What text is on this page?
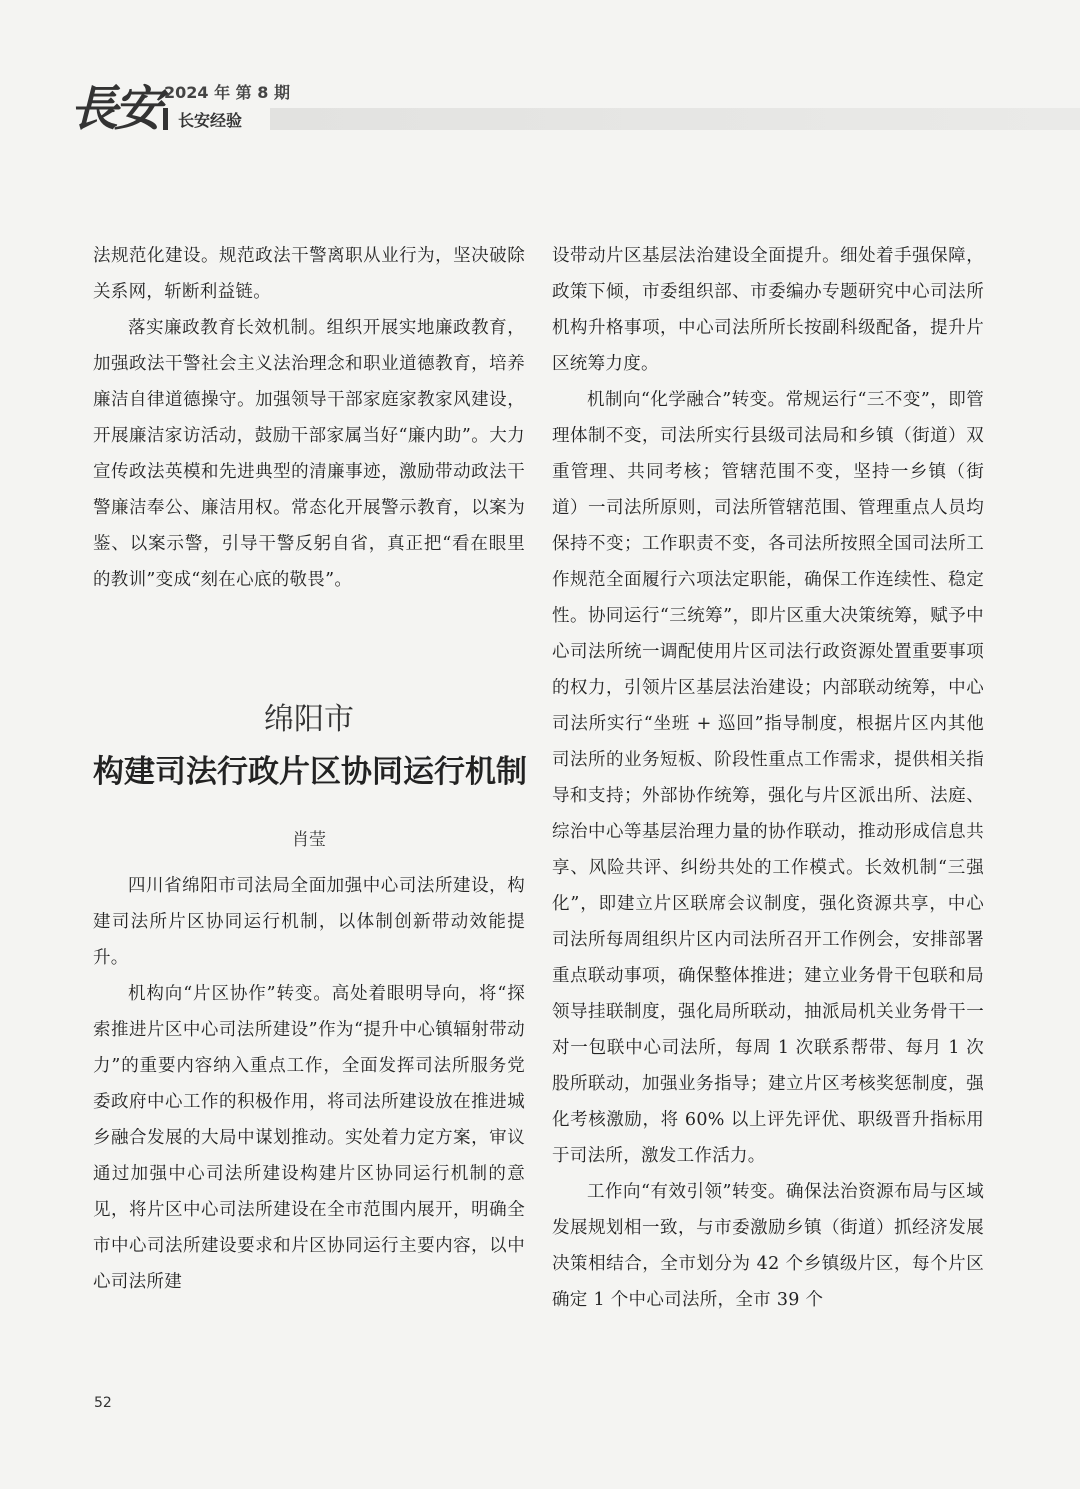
長安 2024 年 第 8 期
长安经验

法规范化建设。规范政法干警离职从业行为，坚决破除关系网，斩断利益链。

落实廉政教育长效机制。组织开展实地廉政教育，加强政法干警社会主义法治理念和职业道德教育，培养廉洁自律道德操守。加强领导干部家庭家教家风建设，开展廉洁家访活动，鼓励干部家属当好“廉内助”。大力宣传政法英模和先进典型的清廉事迹，激励带动政法干警廉洁奉公、廉洁用权。常态化开展警示教育，以案为鉴、以案示警，引导干警反躬自省，真正把“看在眼里的教训”变成“刻在心底的敬畏”。

绵阳市
构建司法行政片区协同运行机制
肖莹

四川省绵阳市司法局全面加强中心司法所建设，构建司法所片区协同运行机制，以体制创新带动效能提升。

机构向“片区协作”转变。高处着眼明导向，将“探索推进片区中心司法所建设”作为“提升中心镇辐射带动力”的重要内容纳入重点工作，全面发挥司法所服务党委政府中心工作的积极作用，将司法所建设放在推进城乡融合发展的大局中谋划推动。实处着力定方案，审议通过加强中心司法所建设构建片区协同运行机制的意见，将片区中心司法所建设在全市范围内展开，明确全市中心司法所建设要求和片区协同运行主要内容，以中心司法所建

设带动片区基层法治建设全面提升。细处着手强保障，政策下倾，市委组织部、市委编办专题研究中心司法所机构升格事项，中心司法所所长按副科级配备，提升片区统筹力度。

机制向“化学融合”转变。常规运行“三不变”，即管理体制不变，司法所实行县级司法局和乡镇（街道）双重管理、共同考核；管辖范围不变，坚持一乡镇（街道）一司法所原则，司法所管辖范围、管理重点人员均保持不变；工作职责不变，各司法所按照全国司法所工作规范全面履行六项法定职能，确保工作连续性、稳定性。协同运行“三统筹”，即片区重大决策统筹，赋予中心司法所统一调配使用片区司法行政资源处置重要事项的权力，引领片区基层法治建设；内部联动统筹，中心司法所实行“坐班 + 巡回”指导制度，根据片区内其他司法所的业务短板、阶段性重点工作需求，提供相关指导和支持；外部协作统筹，强化与片区派出所、法庭、综治中心等基层治理力量的协作联动，推动形成信息共享、风险共评、纠纷共处的工作模式。长效机制“三强化”，即建立片区联席会议制度，强化资源共享，中心司法所每周组织片区内司法所召开工作例会，安排部署重点联动事项，确保整体推进；建立业务骨干包联和局领导挂联制度，强化局所联动，抽派局机关业务骨干一对一包联中心司法所，每周 1 次联系帮带、每月 1 次股所联动，加强业务指导；建立片区考核奖惩制度，强化考核激励，将 60% 以上评先评优、职级晋升指标用于司法所，激发工作活力。

工作向“有效引领”转变。确保法治资源布局与区域发展规划相一致，与市委激励乡镇（街道）抓经济发展决策相结合，全市划分为 42 个乡镇级片区，每个片区确定 1 个中心司法所，全市 39 个

52
